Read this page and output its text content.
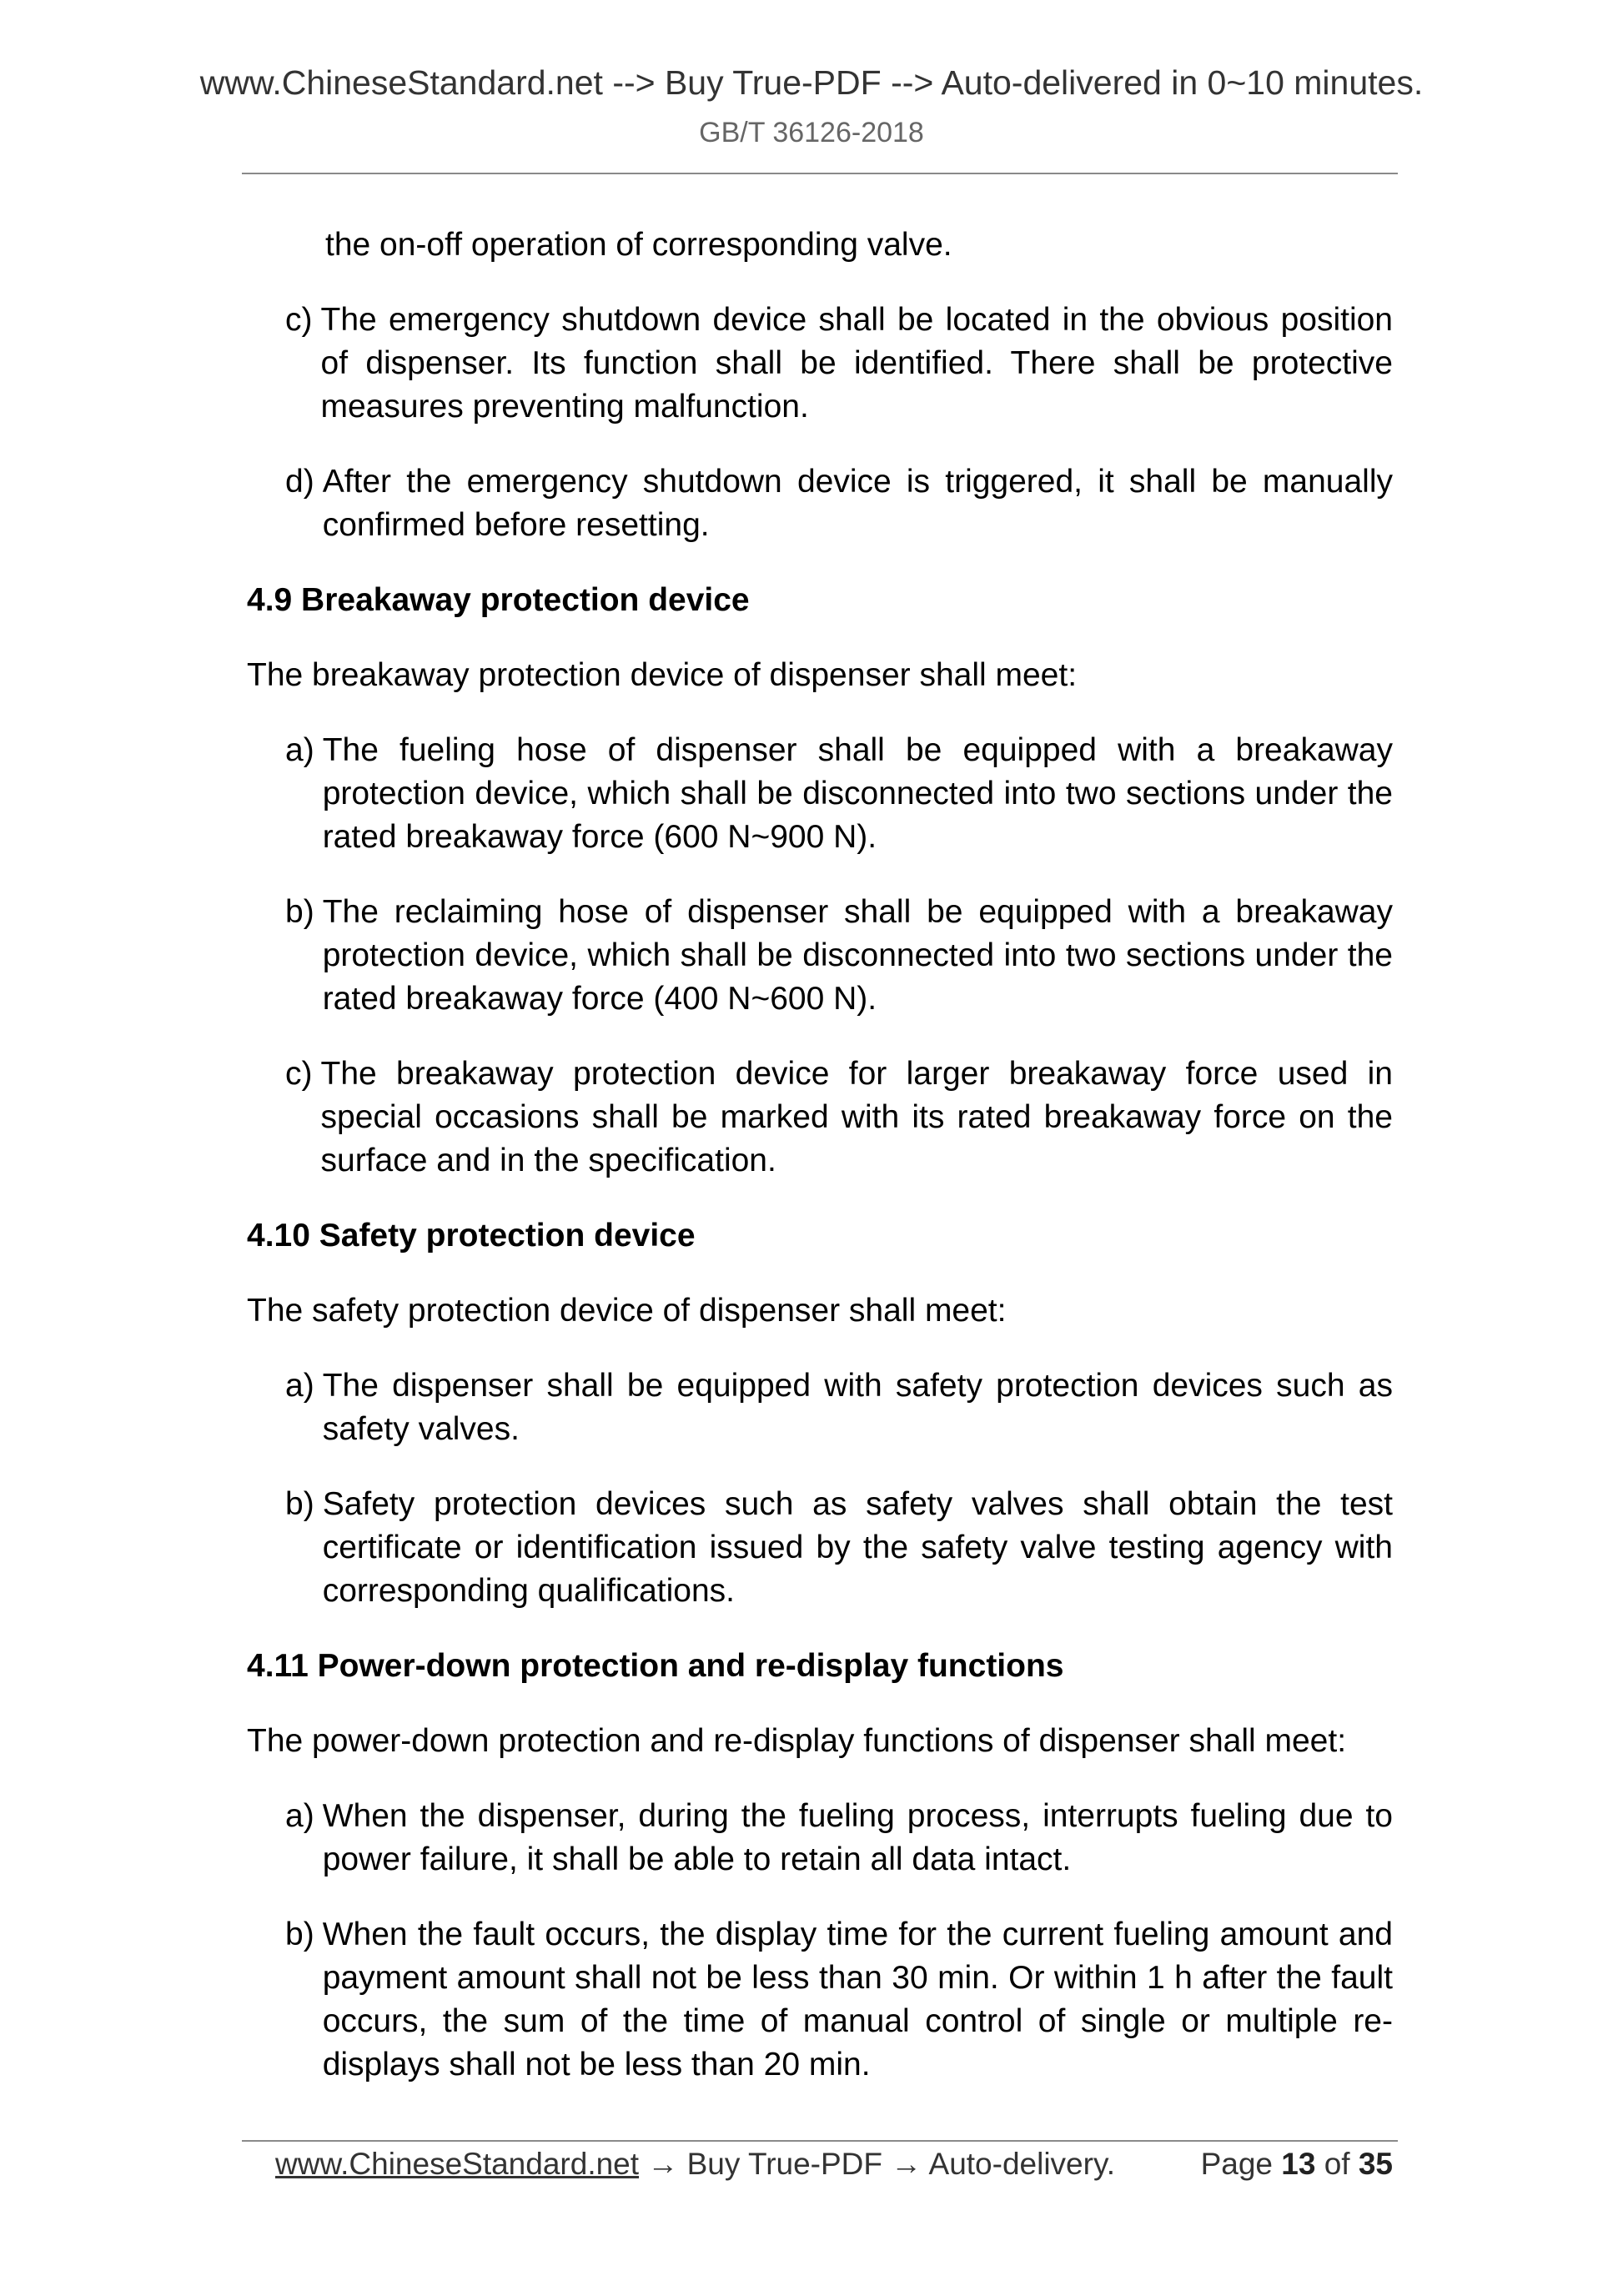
www.ChineseStandard.net --> Buy True-PDF --> Auto-delivered in 0~10 minutes.
GB/T 36126-2018

the on-off operation of corresponding valve.

c) The emergency shutdown device shall be located in the obvious position of dispenser. Its function shall be identified. There shall be protective measures preventing malfunction.
d) After the emergency shutdown device is triggered, it shall be manually confirmed before resetting.
4.9 Breakaway protection device

The breakaway protection device of dispenser shall meet:

a) The fueling hose of dispenser shall be equipped with a breakaway protection device, which shall be disconnected into two sections under the rated breakaway force (600 N~900 N).
b) The reclaiming hose of dispenser shall be equipped with a breakaway protection device, which shall be disconnected into two sections under the rated breakaway force (400 N~600 N).
c) The breakaway protection device for larger breakaway force used in special occasions shall be marked with its rated breakaway force on the surface and in the specification.
4.10 Safety protection device

The safety protection device of dispenser shall meet:

a) The dispenser shall be equipped with safety protection devices such as safety valves.
b) Safety protection devices such as safety valves shall obtain the test certificate or identification issued by the safety valve testing agency with corresponding qualifications.
4.11 Power-down protection and re-display functions

The power-down protection and re-display functions of dispenser shall meet:

a) When the dispenser, during the fueling process, interrupts fueling due to power failure, it shall be able to retain all data intact.
b) When the fault occurs, the display time for the current fueling amount and payment amount shall not be less than 30 min. Or within 1 h after the fault occurs, the sum of the time of manual control of single or multiple re-displays shall not be less than 20 min.
www.ChineseStandard.net → Buy True-PDF → Auto-delivery.	Page 13 of 35
